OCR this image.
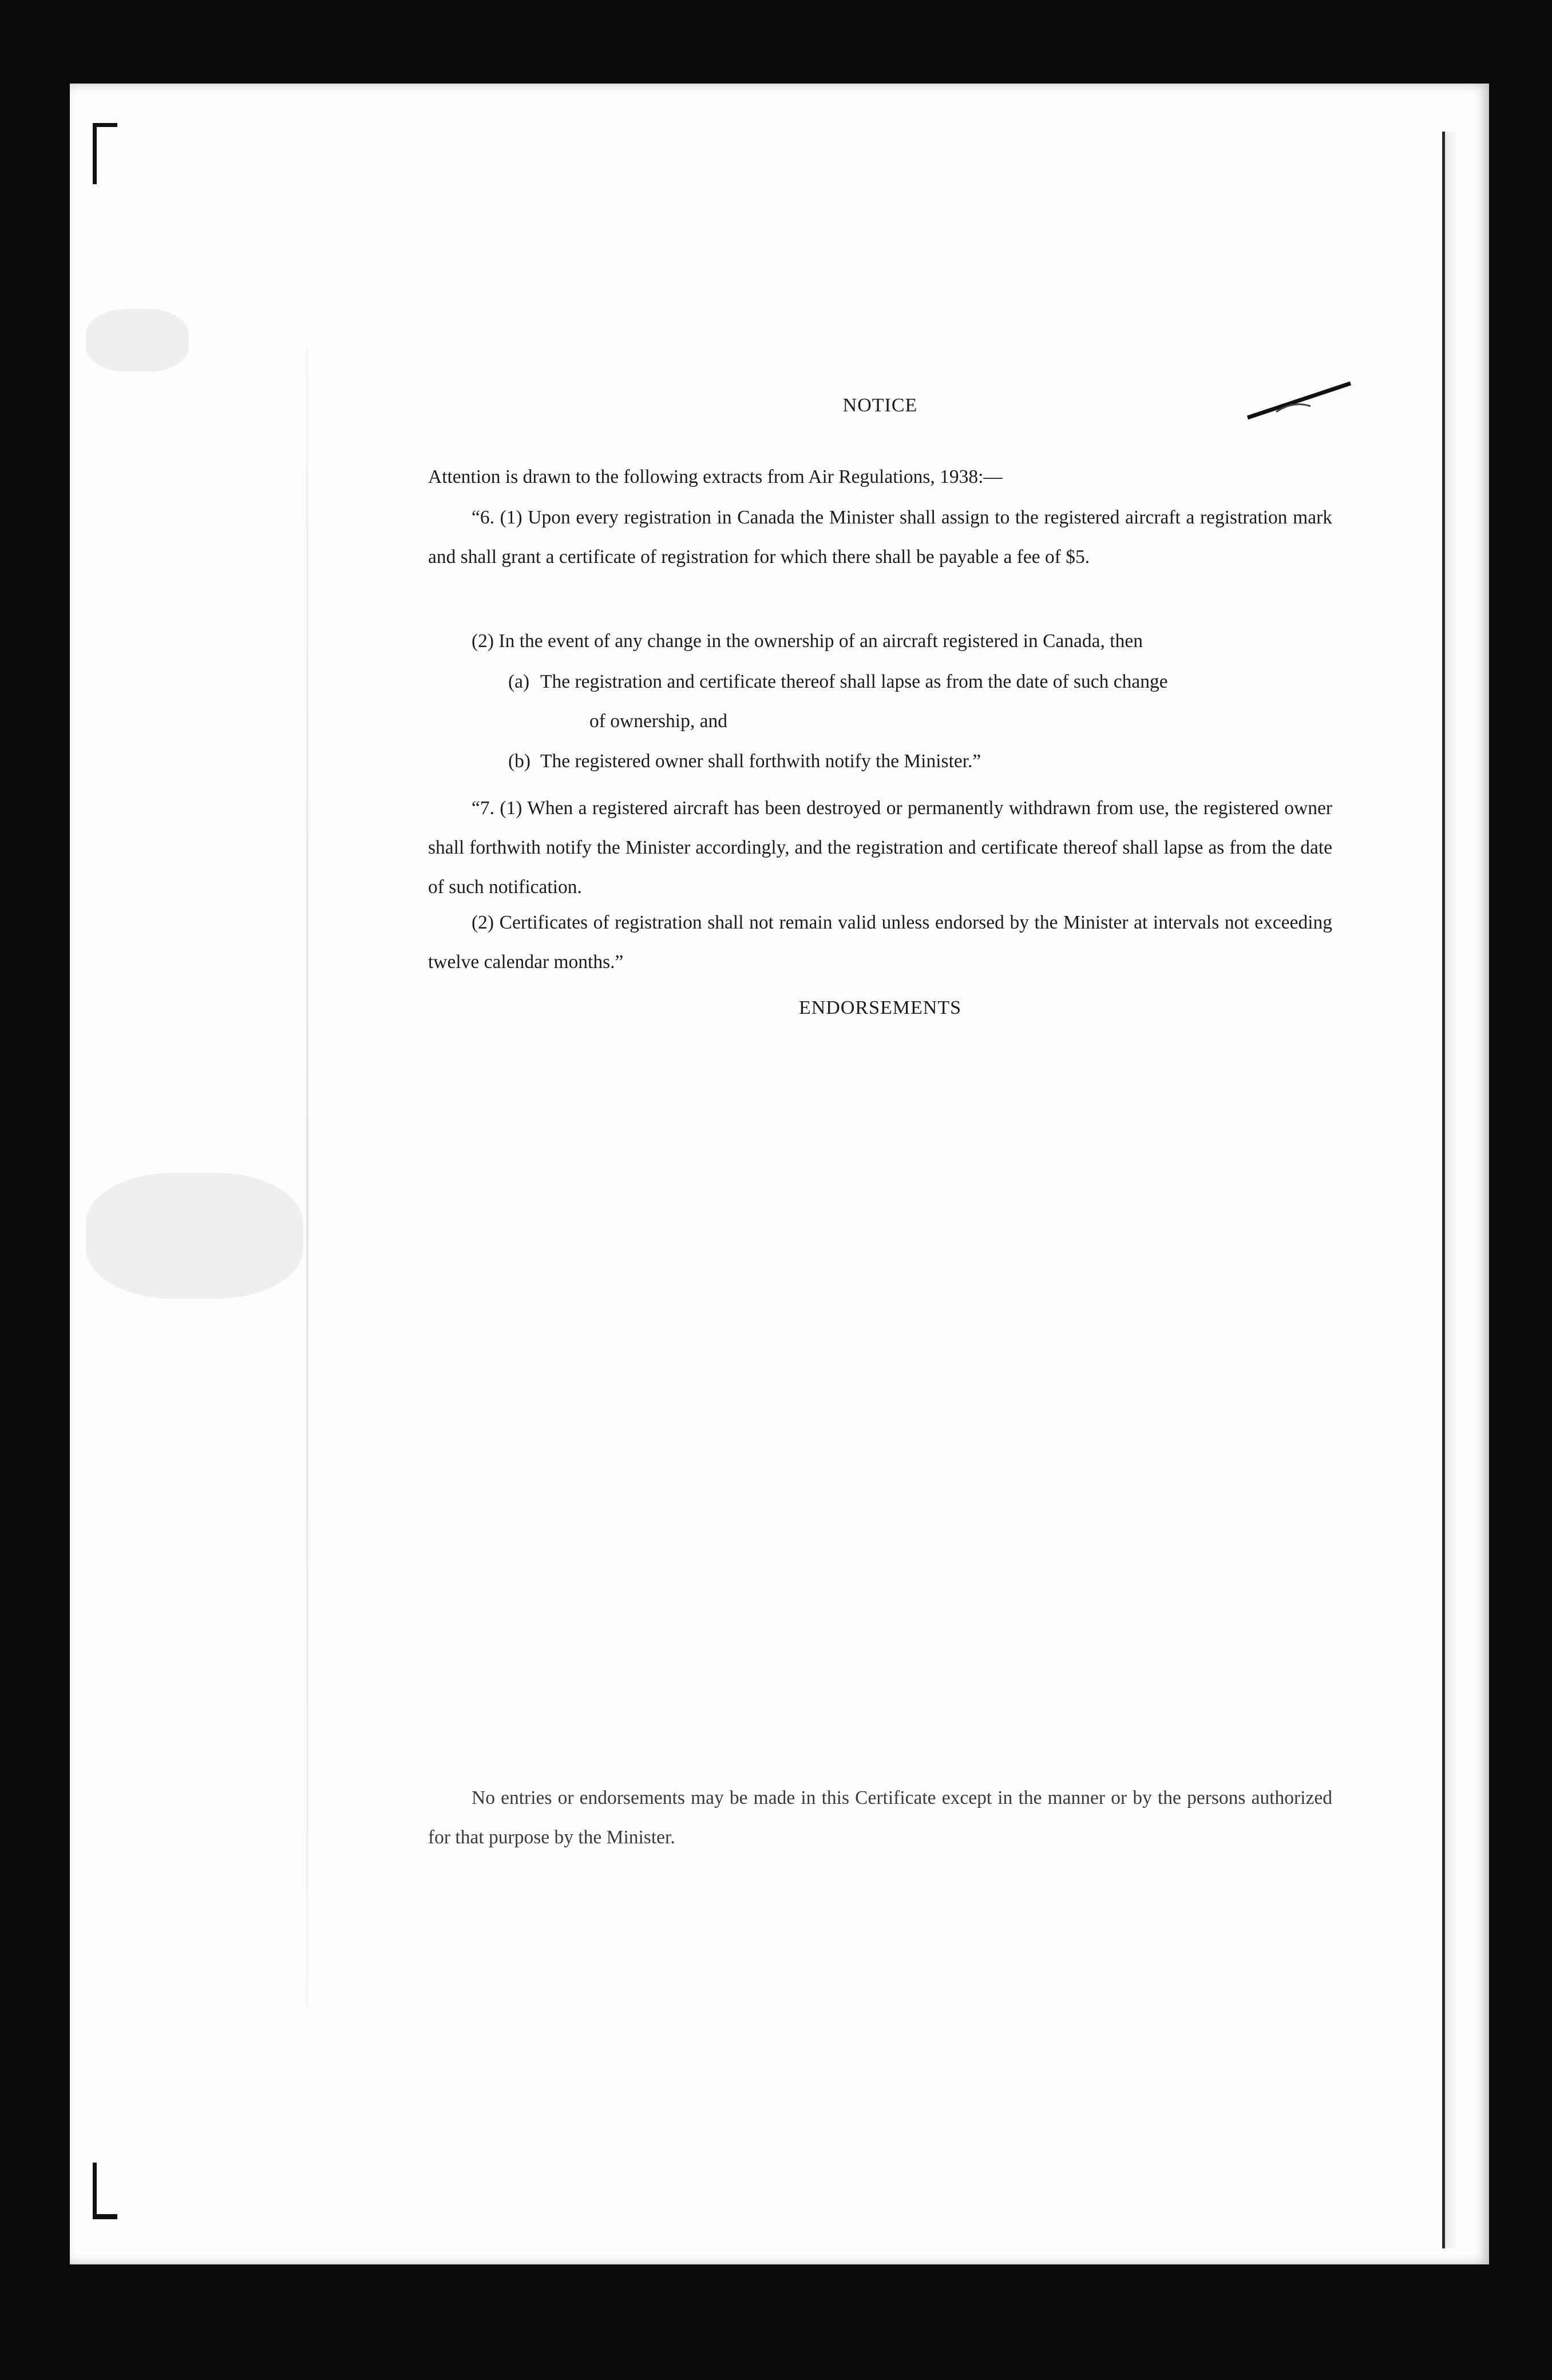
NOTICE

Attention is drawn to the following extracts from Air Regulations, 1938:—

“6. (1) Upon every registration in Canada the Minister shall assign to the registered aircraft a registration mark and shall grant a certificate of registration for which there shall be payable a fee of $5.

(2) In the event of any change in the ownership of an aircraft registered in Canada, then

(a) The registration and certificate thereof shall lapse as from the date of such change

of ownership, and

(b) The registered owner shall forthwith notify the Minister.”

“7. (1) When a registered aircraft has been destroyed or permanently withdrawn from use, the registered owner shall forthwith notify the Minister accordingly, and the registration and certificate thereof shall lapse as from the date of such notification.

(2) Certificates of registration shall not remain valid unless endorsed by the Minister at intervals not exceeding twelve calendar months.”

ENDORSEMENTS

No entries or endorsements may be made in this Certificate except in the manner or by the persons authorized for that purpose by the Minister.
